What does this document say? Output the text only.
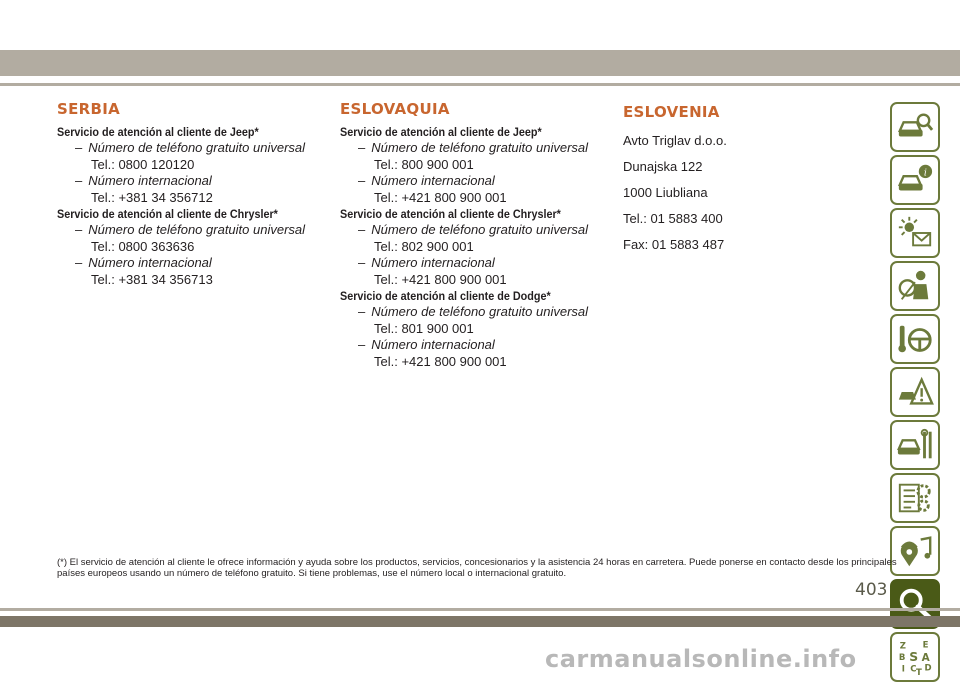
SERBIA

Servicio de atención al cliente de Jeep*

– Número de teléfono gratuito universal

Tel.: 0800 120120

– Número internacional

Tel.: +381 34 356712

Servicio de atención al cliente de Chrysler*

– Número de teléfono gratuito universal

Tel.: 0800 363636

– Número internacional

Tel.: +381 34 356713

ESLOVAQUIA

Servicio de atención al cliente de Jeep*

– Número de teléfono gratuito universal

Tel.: 800 900 001

– Número internacional

Tel.: +421 800 900 001

Servicio de atención al cliente de Chrysler*

– Número de teléfono gratuito universal

Tel.: 802 900 001

– Número internacional

Tel.: +421 800 900 001

Servicio de atención al cliente de Dodge*

– Número de teléfono gratuito universal

Tel.: 801 900 001

– Número internacional

Tel.: +421 800 900 001

ESLOVENIA

Avto Triglav d.o.o.

Dunajska 122

1000 Liubliana

Tel.: 01 5883 400

Fax: 01 5883 487

i
Z E
B S A
I C D
T

(*) El servicio de atención al cliente le ofrece información y ayuda sobre los productos, servicios, concesionarios y la asistencia 24 horas en carretera. Puede ponerse en contacto desde los principales países europeos usando un número de teléfono gratuito. Si tiene problemas, use el número local o internacional gratuito.

403
carmanualsonline.info
